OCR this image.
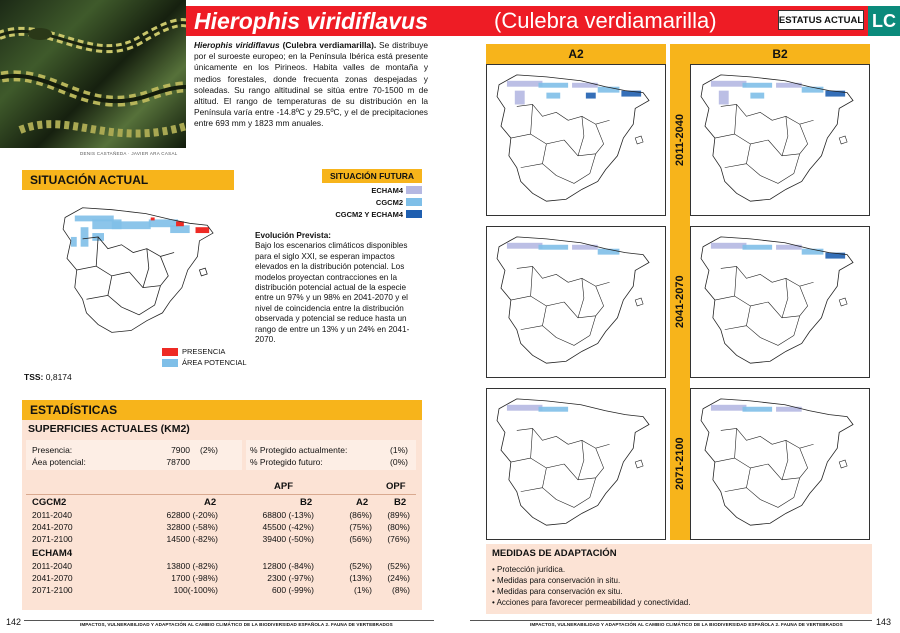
DENIS CASTAÑEDA · JAVIER ARA CASAL
Hierophis viridiflavus	(Culebra verdiamarilla)	ESTATUS ACTUAL LC
Hierophis viridiflavus (Culebra verdiamarilla). Se distribuye por el suroeste europeo; en la Península Ibérica está presente únicamente en los Pirineos. Habita valles de montaña y medios forestales, donde frecuenta zonas despejadas y soleadas. Su rango altitudinal se sitúa entre 70-1500 m de altitud. El rango de temperaturas de su distribución en la Península varía entre -14.8ºC y 29.5ºC, y el de precipitaciones entre 693 mm y 1823 mm anuales.
SITUACIÓN ACTUAL	SITUACIÓN FUTURA
ECHAM4
CGCM2
CGCM2 Y ECHAM4
PRESENCIA
ÁREA POTENCIAL
TSS: 0,8174
Evolución Prevista:
Bajo los escenarios climáticos disponibles para el siglo XXI, se esperan impactos elevados en la distribución potencial. Los modelos proyectan contracciones en la distribución potencial actual de la especie entre un 97% y un 98% en 2041-2070 y el nivel de coincidencia entre la distribución observada y potencial se reduce hasta un rango de entre un 13% y un 24% en 2041-2070.
ESTADÍSTICAS
SUPERFICIES ACTUALES (KM2)
Presencia:	7900 (2%)
Áea potencial:	78700
% Protegido actualmente:	(1%)
% Protegido futuro:	(0%)
APF	OPF
CGCM2	A2	B2	A2	B2
2011-2040	62800 (-20%)	68800 (-13%)	(86%)	(89%)
2041-2070	32800 (-58%)	45500 (-42%)	(75%)	(80%)
2071-2100	14500 (-82%)	39400 (-50%)	(56%)	(76%)
ECHAM4
2011-2040	13800 (-82%)	12800 (-84%)	(52%)	(52%)
2041-2070	1700 (-98%)	2300 (-97%)	(13%)	(24%)
2071-2100	100(-100%)	600 (-99%)	(1%)	(8%)
A2	B2
2011-2040
2041-2070
2071-2100
MEDIDAS DE ADAPTACIÓN
• Protección jurídica.
• Medidas para conservación in situ.
• Medidas para conservación ex situ.
• Acciones para favorecer permeabilidad y conectividad.
142	IMPACTOS, VULNERABILIDAD Y ADAPTACIÓN AL CAMBIO CLIMÁTICO DE LA BIODIVERSIDAD ESPAÑOLA 2. FAUNA DE VERTEBRADOS	143
IMPACTOS, VULNERABILIDAD Y ADAPTACIÓN AL CAMBIO CLIMÁTICO DE LA BIODIVERSIDAD ESPAÑOLA 2. FAUNA DE VERTEBRADOS
